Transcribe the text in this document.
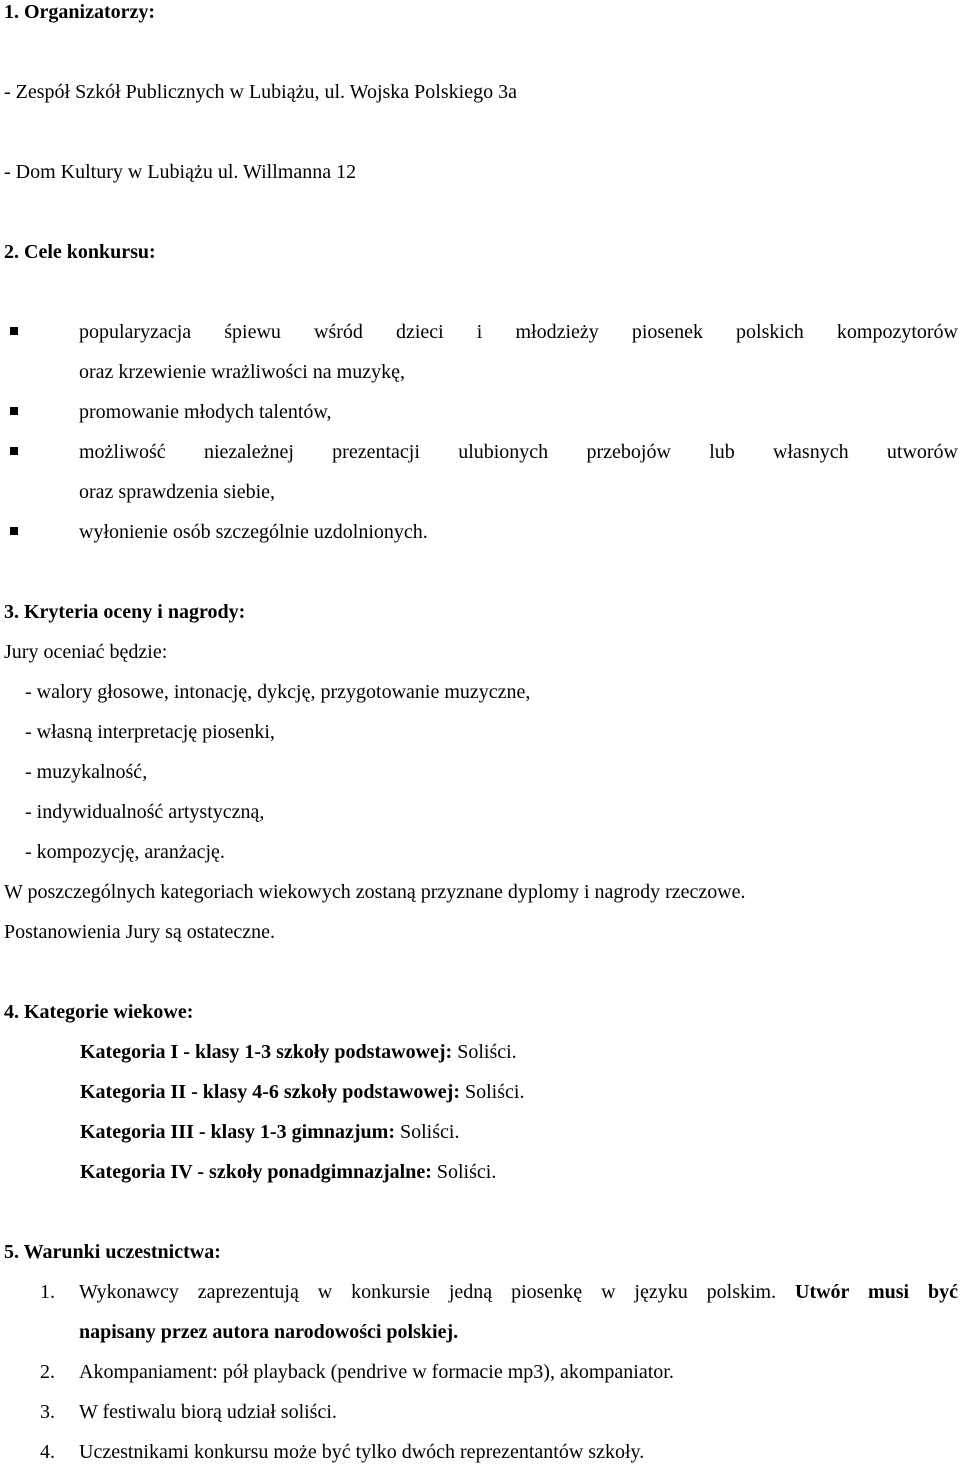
1. Organizatorzy:
- Zespół Szkół Publicznych w Lubiążu, ul. Wojska Polskiego 3a
- Dom Kultury w Lubiążu ul. Willmanna 12
2. Cele konkursu:
popularyzacja śpiewu wśród dzieci i młodzieży piosenek polskich kompozytorów
oraz krzewienie wrażliwości na muzykę,
promowanie młodych talentów,
możliwość niezależnej prezentacji ulubionych przebojów lub własnych utworów
oraz sprawdzenia siebie,
wyłonienie osób szczególnie uzdolnionych.
3. Kryteria oceny i nagrody:
Jury oceniać będzie:
- walory głosowe, intonację, dykcję, przygotowanie muzyczne,
- własną interpretację piosenki,
- muzykalność,
- indywidualność artystyczną,
- kompozycję, aranżację.
W poszczególnych kategoriach wiekowych zostaną przyznane dyplomy i nagrody rzeczowe.
Postanowienia Jury są ostateczne.
4. Kategorie wiekowe:
Kategoria I - klasy 1-3 szkoły podstawowej: Soliści.
Kategoria II - klasy 4-6 szkoły podstawowej: Soliści.
Kategoria III - klasy 1-3 gimnazjum: Soliści.
Kategoria IV - szkoły ponadgimnazjalne: Soliści.
5. Warunki uczestnictwa:
1. Wykonawcy zaprezentują w konkursie jedną piosenkę w języku polskim. Utwór musi być
napisany przez autora narodowości polskiej.
2. Akompaniament: pół playback (pendrive w formacie mp3), akompaniator.
3. W festiwalu biorą udział soliści.
4. Uczestnikami konkursu może być tylko dwóch reprezentantów szkoły.
